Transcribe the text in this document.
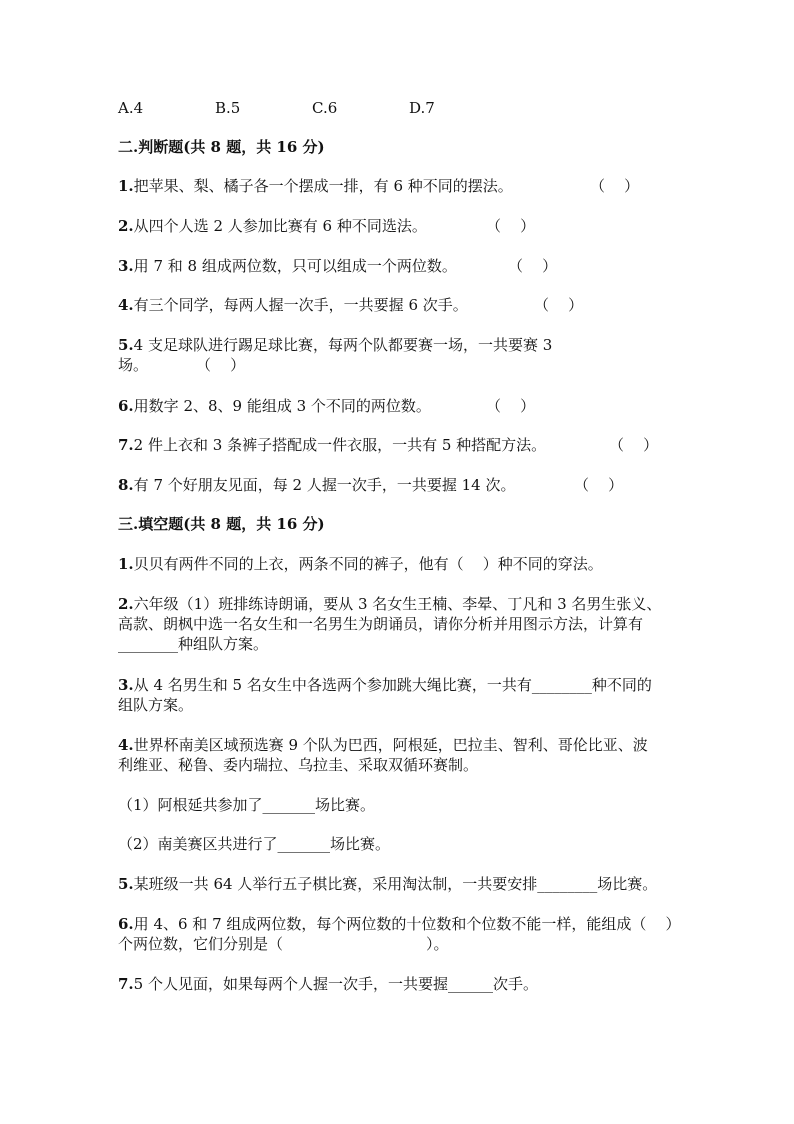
A.4	B.5	C.6	D.7
二.判断题(共 8 题，共 16 分)
1.把苹果、梨、橘子各一个摆成一排，有 6 种不同的摆法。	（    ）
2.从四个人选 2 人参加比赛有 6 种不同选法。	（    ）
3.用 7 和 8 组成两位数，只可以组成一个两位数。	（    ）
4.有三个同学，每两人握一次手，一共要握 6 次手。	（    ）
5.4 支足球队进行踢足球比赛，每两个队都要赛一场，一共要赛 3
场。	（    ）
6.用数字 2、8、9 能组成 3 个不同的两位数。	（    ）
7.2 件上衣和 3 条裤子搭配成一件衣服，一共有 5 种搭配方法。	（    ）
8.有 7 个好朋友见面，每 2 人握一次手，一共要握 14 次。	（    ）
三.填空题(共 8 题，共 16 分)
1.贝贝有两件不同的上衣，两条不同的裤子，他有（    ）种不同的穿法。
2.六年级（1）班排练诗朗诵，要从 3 名女生王楠、李晕、丁凡和 3 名男生张义、
高款、朗枫中选一名女生和一名男生为朗诵员，请你分析并用图示方法，计算有
________种组队方案。
3.从 4 名男生和 5 名女生中各选两个参加跳大绳比赛，一共有________种不同的
组队方案。
4.世界杯南美区域预选赛 9 个队为巴西，阿根延，巴拉圭、智利、哥伦比亚、波
利维亚、秘鲁、委内瑞拉、乌拉圭、采取双循环赛制。
（1）阿根延共参加了_______场比赛。
（2）南美赛区共进行了_______场比赛。
5.某班级一共 64 人举行五子棋比赛，采用淘汰制，一共要安排________场比赛。
6.用 4、6 和 7 组成两位数，每个两位数的十位数和个位数不能一样，能组成（    ）
个两位数，它们分别是（                              ）。
7.5 个人见面，如果每两个人握一次手，一共要握______次手。
